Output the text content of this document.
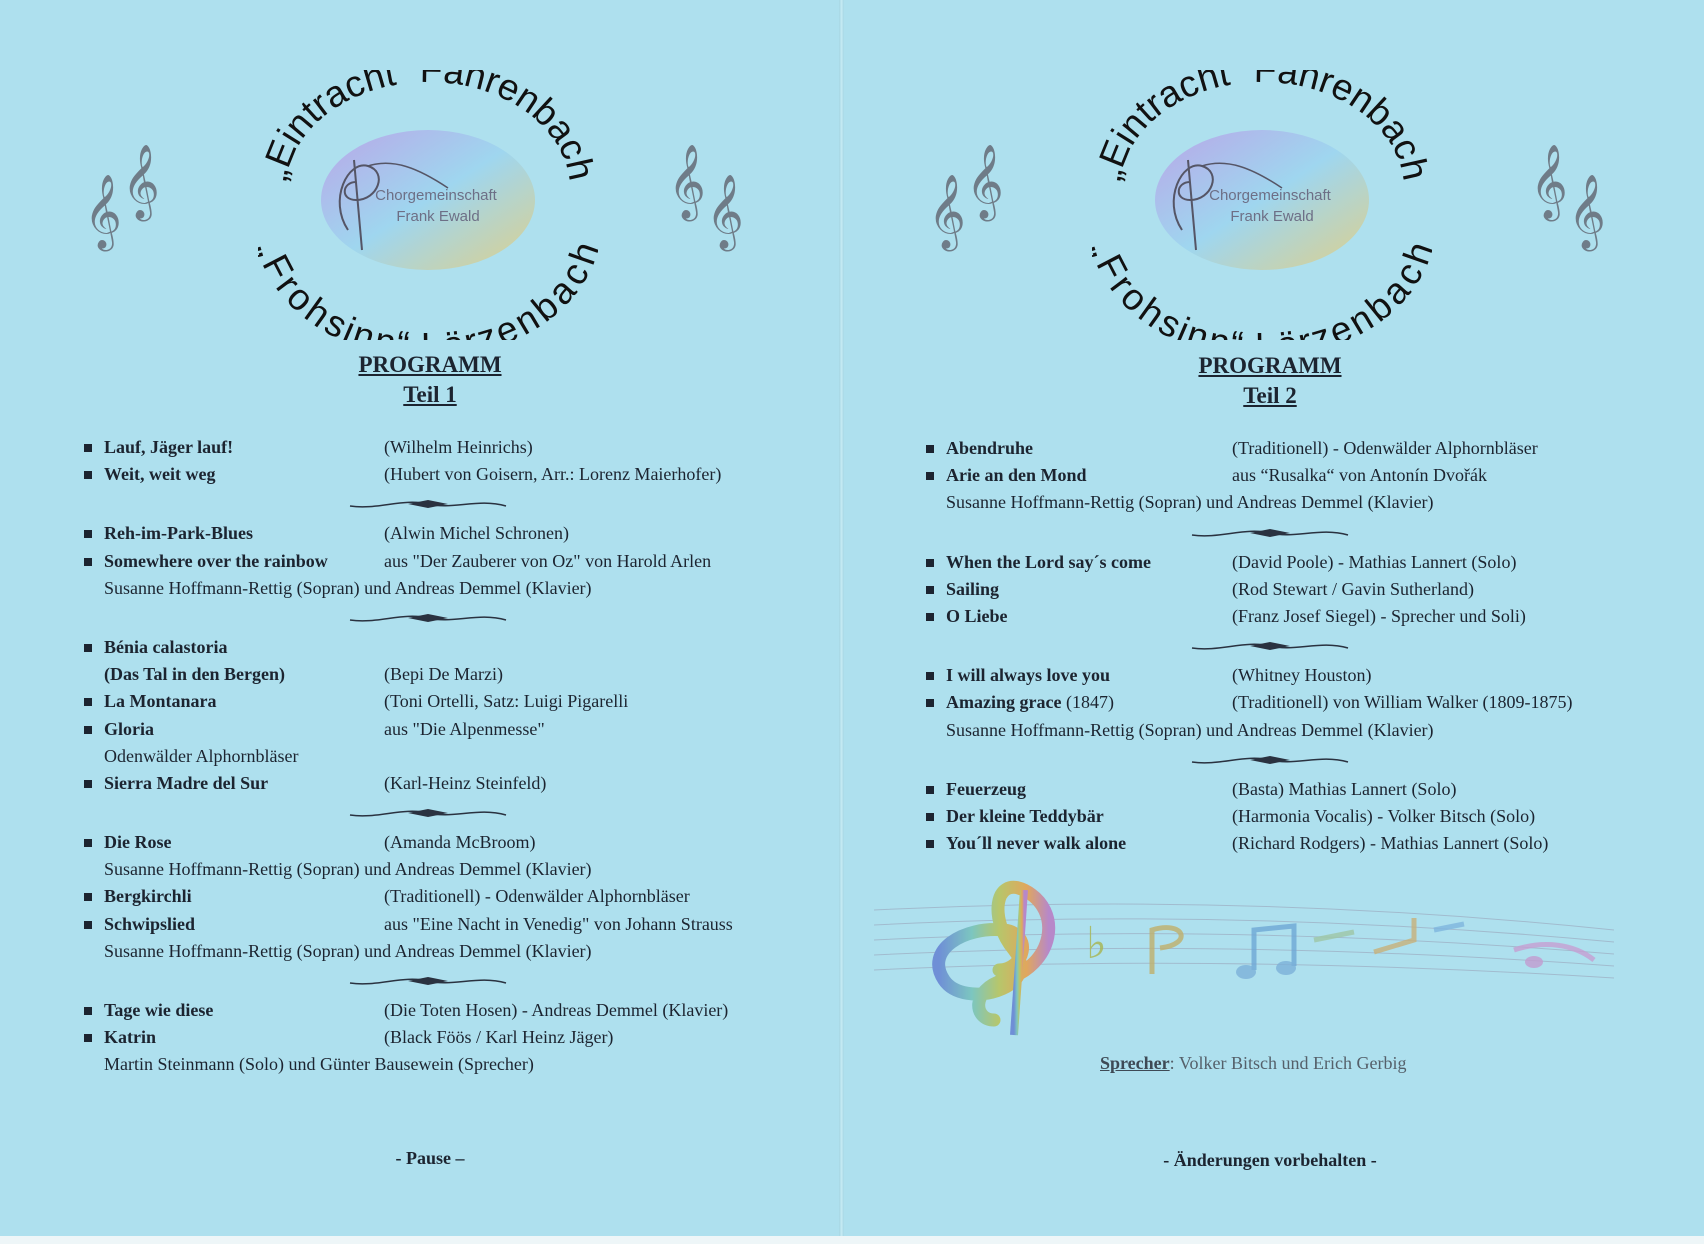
𝄞 𝄞	𝄞 𝄞
Chorgemeinschaft
Frank Ewald
Eintracht“ ahrenbac
Frohsin zenbac
PROGRAMM
Teil 1
Lauf, Jäger lauf!	(Wilhelm Heinrichs)
Weit, weit weg	(Hubert von Goisern, Arr.: Lorenz Maierhofer)
Reh-im-Park-Blues	(Alwin Michel Schronen)
Somewhere over the rainbow	aus "Der Zauberer von Oz" von Harold Arlen
Susanne Hoffmann-Rettig (Sopran) und Andreas Demmel (Klavier)
Bénia calastoria
(Das Tal in den Bergen)	(Bepi De Marzi)
La Montanara	(Toni Ortelli, Satz: Luigi Pigarelli
Gloria	aus "Die Alpenmesse"
Odenwälder Alphornbläser
Sierra Madre del Sur	(Karl-Heinz Steinfeld)
Die Rose	(Amanda McBroom)
Susanne Hoffmann-Rettig (Sopran) und Andreas Demmel (Klavier)
Bergkirchli	(Traditionell) - Odenwälder Alphornbläser
Schwipslied	aus "Eine Nacht in Venedig" von Johann Strauss
Susanne Hoffmann-Rettig (Sopran) und Andreas Demmel (Klavier)
Tage wie diese	(Die Toten Hosen) - Andreas Demmel (Klavier)
Katrin	(Black Föös / Karl Heinz Jäger)
Martin Steinmann (Solo) und Günter Bausewein (Sprecher)
- Pause –
𝄞 𝄞	𝄞 𝄞
Chorgemeinschaft
Frank Ewald
Eintracht“ ahrenbac
Frohsin zenbac
PROGRAMM
Teil 2
Abendruhe	(Traditionell) - Odenwälder Alphornbläser
Arie an den Mond	aus “Rusalka“ von Antonín Dvořák
Susanne Hoffmann-Rettig (Sopran) und Andreas Demmel (Klavier)
When the Lord say´s come	(David Poole) - Mathias Lannert (Solo)
Sailing	(Rod Stewart / Gavin Sutherland)
O Liebe	(Franz Josef Siegel) - Sprecher und Soli)
I will always love you	(Whitney Houston)
Amazing grace (1847)	(Traditionell) von William Walker (1809-1875)
Susanne Hoffmann-Rettig (Sopran) und Andreas Demmel (Klavier)
Feuerzeug	(Basta) Mathias Lannert (Solo)
Der kleine Teddybär	(Harmonia Vocalis) - Volker Bitsch (Solo)
You´ll never walk alone	(Richard Rodgers) - Mathias Lannert (Solo)
♭
Sprecher: Volker Bitsch und Erich Gerbig
- Änderungen vorbehalten -
